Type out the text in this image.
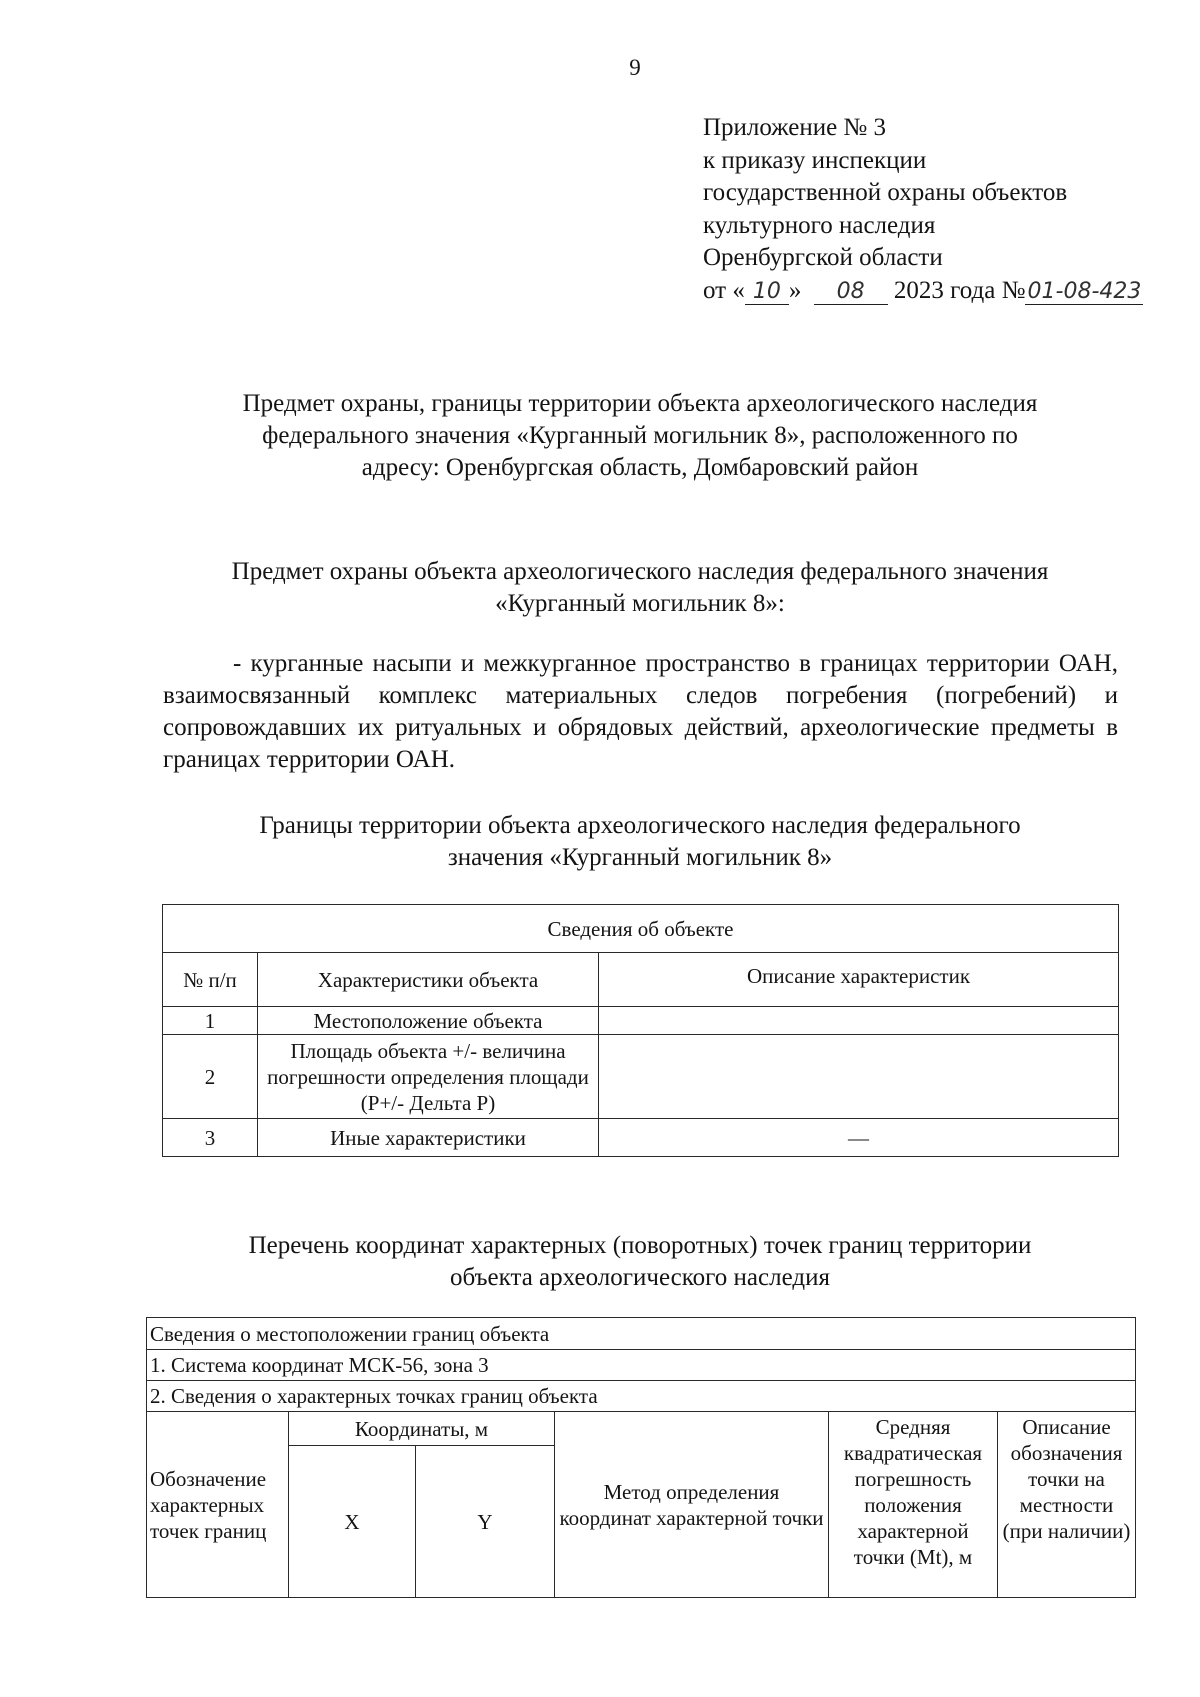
9
Приложение № 3
к приказу инспекции
государственной охраны объектов
культурного наследия
Оренбургской области
от « 10 » 08 2023 года №01-08-423
Предмет охраны, границы территории объекта археологического наследия
федерального значения «Курганный могильник 8», расположенного по
адресу: Оренбургская область, Домбаровский район
Предмет охраны объекта археологического наследия федерального значения
«Курганный могильник 8»:
- курганные насыпи и межкурганное пространство в границах территории ОАН, взаимосвязанный комплекс материальных следов погребения (погребений) и сопровождавших их ритуальных и обрядовых действий, археологические предметы в границах территории ОАН.
Границы территории объекта археологического наследия федерального
значения «Курганный могильник 8»
Сведения об объекте		
№ п/п	Характеристики объекта	Описание характеристик
1	Местоположение объекта	
2	Площадь объекта +/- величина погрешности определения площади (P+/- Дельта P)	
3	Иные характеристики	—
Перечень координат характерных (поворотных) точек границ территории
объекта археологического наследия
Сведения о местоположении границ объекта					
1. Система координат МСК-56, зона 3					
2. Сведения о характерных точках границ объекта					
Обозначение характерных точек границ	Координаты, м		Метод определения координат характерной точки	Средняя квадратическая погрешность положения характерной точки (Mt), м	Описание обозначения точки на местности (при наличии)
	X	Y			
